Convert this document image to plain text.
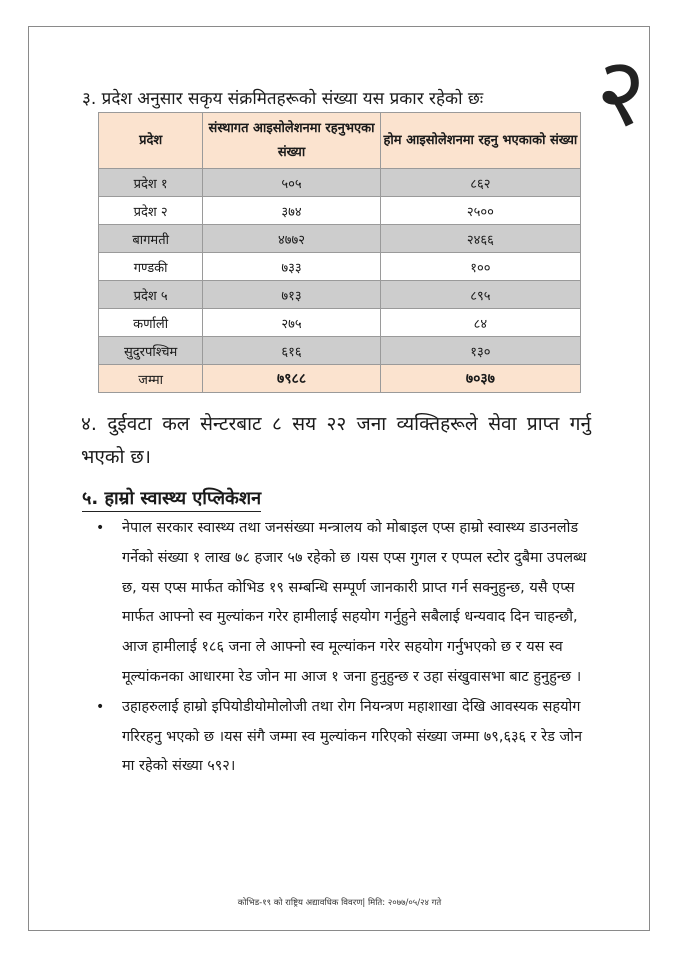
२
३. प्रदेश अनुसार सकृय संक्रमितहरूको संख्या यस प्रकार रहेको छः
प्रदेश	संस्थागत आइसोलेशनमा रहनुभएका संख्या	होम आइसोलेशनमा रहनु भएकाको संख्या
प्रदेश १	५०५	८६२
प्रदेश २	३७४	२५००
बागमती	४७७२	२४६६
गण्डकी	७३३	१००
प्रदेश ५	७१३	८९५
कर्णाली	२७५	८४
सुदुरपश्चिम	६१६	१३०
जम्मा	७९८८	७०३७
४. दुईवटा कल सेन्टरबाट ८ सय २२ जना व्यक्तिहरूले सेवा प्राप्त गर्नु भएको छ।
५. हाम्रो स्वास्थ्य एप्लिकेशन
• नेपाल सरकार स्वास्थ्य तथा जनसंख्या मन्त्रालय को मोबाइल एप्स हाम्रो स्वास्थ्य डाउनलोड गर्नेको संख्या १ लाख ७८ हजार ५७ रहेको छ ।यस एप्स गुगल र एप्पल स्टोर दुबैमा उपलब्ध छ, यस एप्स मार्फत कोभिड १९ सम्बन्धि सम्पूर्ण जानकारी प्राप्त गर्न सक्नुहुन्छ, यसै एप्स मार्फत आफ्नो स्व मुल्यांकन गरेर हामीलाई सहयोग गर्नुहुने सबैलाई धन्यवाद दिन चाहन्छौ, आज हामीलाई १८६ जना ले आफ्नो स्व मूल्यांकन गरेर सहयोग गर्नुभएको छ र यस स्व मूल्यांकनका आधारमा रेड जोन मा आज १ जना हुनुहुन्छ र उहा संखुवासभा बाट हुनुहुन्छ ।
• उहाहरुलाई हाम्रो इपियोडीयोमोलोजी तथा रोग नियन्त्रण महाशाखा देखि आवस्यक सहयोग गरिरहनु भएको छ ।यस संगै जम्मा स्व मुल्यांकन गरिएको संख्या जम्मा ७९,६३६ र रेड जोन मा रहेको संख्या ५९२।
कोभिड-१९ को राष्ट्रिय अद्यावधिक विवरण| मिति: २०७७/०५/२४ गते
